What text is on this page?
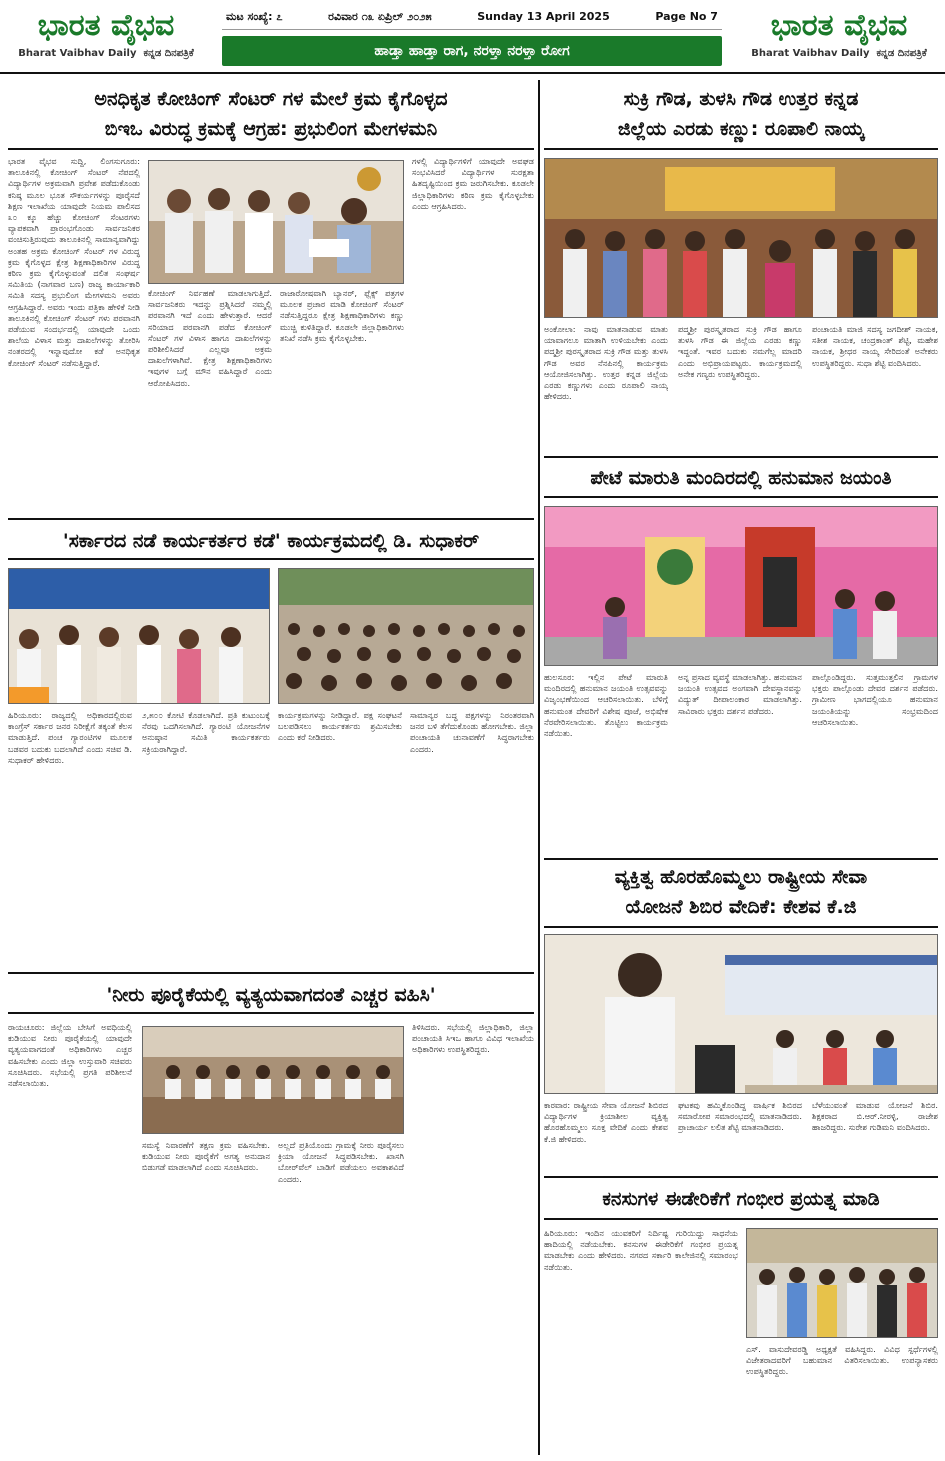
ಭಾರತ ವೈಭವ
Bharat Vaibhav Daily ಕನ್ನಡ ದಿನಪತ್ರಿಕೆ
ಮಟ ಸಂಖ್ಯೆ: ೭	ರವಿವಾರ ೧೩ ಏಪ್ರಿಲ್ ೨೦೨೫	Sunday 13 April 2025	Page No 7
ಹಾಡ್ತಾ ಹಾಡ್ತಾ ರಾಗ, ನರಳ್ತಾ ನರಳ್ತಾ ರೋಗ
ಭಾರತ ವೈಭವ
Bharat Vaibhav Daily ಕನ್ನಡ ದಿನಪತ್ರಿಕೆ
ಅನಧಿಕೃತ ಕೋಚಿಂಗ್ ಸೆಂಟರ್ ಗಳ ಮೇಲೆ ಕ್ರಮ ಕೈಗೊಳ್ಳದ
ಬಿಇಒ ವಿರುದ್ಧ ಕ್ರಮಕ್ಕೆ ಆಗ್ರಹ: ಪ್ರಭುಲಿಂಗ ಮೇಗಳಮನಿ
ಭಾರತ ವೈಭವ ಸುದ್ದಿ, ಲಿಂಗಸುಗೂರು: ತಾಲೂಕಿನಲ್ಲಿ ಕೋಚಿಂಗ್ ಸೆಂಟರ್ ನೆಪದಲ್ಲಿ ವಿದ್ಯಾರ್ಥಿಗಳ ಅಕ್ರಮವಾಗಿ ಪ್ರವೇಶ ಪಡೆದುಕೊಂಡು ಕನಿಷ್ಠ ಮೂಲ ಭೂತ ಸೌಕರ್ಯಗಳನ್ನು ಪೂರೈಸದೆ ಶಿಕ್ಷಣ ಇಲಾಖೆಯ ಯಾವುದೇ ನಿಯಮ ಪಾಲಿಸದ ೩೦ ಕ್ಕೂ ಹೆಚ್ಚು ಕೋಚಿಂಗ್ ಸೆಂಟರಗಳು ವ್ಯಾಪಕವಾಗಿ ಪ್ರಾರಂಭಗೊಂಡು ಸಾರ್ವಜನಿಕರ ವಂಚಿಸುತ್ತಿರುವುದು ತಾಲೂಕಿನಲ್ಲಿ ಸಾಮಾನ್ಯವಾಗಿದ್ದು ಅಂತಹ ಅಕ್ರಮ ಕೋಚಿಂಗ್ ಸೆಂಟರ್ ಗಳ ವಿರುದ್ಧ ಕ್ರಮ ಕೈಗೊಳ್ಳದ ಕ್ಷೇತ್ರ ಶಿಕ್ಷಣಾಧಿಕಾರಿಗಳ ವಿರುದ್ಧ ಕಠಿಣ ಕ್ರಮ ಕೈಗೊಳ್ಳುವಂತೆ ದಲಿತ ಸಂಘರ್ಷ ಸಮಿತಿಯ (ನಾಗವಾರ ಬಣ) ರಾಜ್ಯ ಕಾರ್ಯಾಕಾರಿ ಸಮಿತಿ ಸದಸ್ಯ ಪ್ರಭುಲಿಂಗ ಮೇಗಳಮನಿ ಅವರು ಆಗ್ರಹಿಸಿದ್ದಾರೆ. ಅವರು ಇಂದು ಪತ್ರಿಕಾ ಹೇಳಿಕೆ ನೀಡಿ ತಾಲೂಕಿನಲ್ಲಿ ಕೋಚಿಂಗ್ ಸೆಂಟರ್ ಗಳು ಪರವಾನಗಿ ಪಡೆಯುವ ಸಂದರ್ಭದಲ್ಲಿ ಯಾವುದೇ ಒಂದು ಶಾಲೆಯ ವಿಳಾಸ ಮತ್ತು ದಾಖಲೆಗಳನ್ನು ತೋರಿಸಿ ನಂತರದಲ್ಲಿ ಇನ್ನಾವುದೋ ಕಡೆ ಅನಧಿಕೃತ ಕೋಚಿಂಗ್ ಸೆಂಟರ್ ನಡೆಸುತ್ತಿದ್ದಾರೆ.
ಕೋಚಿಂಗ್ ನಿರ್ವಹಣೆ ಮಾಡಲಾಗುತ್ತಿದೆ. ಸಾರ್ವಜನಿಕರು ಇದನ್ನು ಪ್ರಶ್ನಿಸಿದರೆ ನಮ್ಮಲ್ಲಿ ಪರವಾನಗಿ ಇದೆ ಎಂದು ಹೇಳುತ್ತಾರೆ. ಆದರೆ ಸರಿಯಾದ ಪರವಾನಗಿ ಪಡೆದ ಕೋಚಿಂಗ್ ಸೆಂಟರ್ ಗಳ ವಿಳಾಸ ಹಾಗೂ ದಾಖಲೆಗಳನ್ನು ಪರಿಶೀಲಿಸಿದರೆ ಎಲ್ಲವೂ ಅಕ್ರಮ ದಾಖಲೆಗಳಾಗಿವೆ. ಕ್ಷೇತ್ರ ಶಿಕ್ಷಣಾಧಿಕಾರಿಗಳು ಇವುಗಳ ಬಗ್ಗೆ ಮೌನ ವಹಿಸಿದ್ದಾರೆ ಎಂದು ಆರೋಪಿಸಿದರು.
ರಾಜಾರೋಷವಾಗಿ ಬ್ಯಾನರ್, ಫ್ಲೆಕ್ಸ್ ಪತ್ರಗಳ ಮೂಲಕ ಪ್ರಚಾರ ಮಾಡಿ ಕೋಚಿಂಗ್ ಸೆಂಟರ್ ನಡೆಸುತ್ತಿದ್ದರೂ ಕ್ಷೇತ್ರ ಶಿಕ್ಷಣಾಧಿಕಾರಿಗಳು ಕಣ್ಣು ಮುಚ್ಚಿ ಕುಳಿತಿದ್ದಾರೆ. ಕೂಡಲೇ ಜಿಲ್ಲಾಧಿಕಾರಿಗಳು ತನಿಖೆ ನಡೆಸಿ ಕ್ರಮ ಕೈಗೊಳ್ಳಬೇಕು.
ಗಳಲ್ಲಿ ವಿದ್ಯಾರ್ಥಿಗಳಿಗೆ ಯಾವುದೇ ಅವಘಡ ಸಂಭವಿಸಿದರೆ ವಿದ್ಯಾರ್ಥಿಗಳ ಸುರಕ್ಷತಾ ಹಿತದೃಷ್ಟಿಯಿಂದ ಕ್ರಮ ಜರುಗಿಸಬೇಕು. ಕೂಡಲೇ ಜಿಲ್ಲಾಧಿಕಾರಿಗಳು ಕಠಿಣ ಕ್ರಮ ಕೈಗೊಳ್ಳಬೇಕು ಎಂದು ಆಗ್ರಹಿಸಿದರು.
'ಸರ್ಕಾರದ ನಡೆ ಕಾರ್ಯಕರ್ತರ ಕಡೆ' ಕಾರ್ಯಕ್ರಮದಲ್ಲಿ ಡಿ. ಸುಧಾಕರ್
ಹಿರಿಯೂರು: ರಾಜ್ಯದಲ್ಲಿ ಅಧಿಕಾರದಲ್ಲಿರುವ ಕಾಂಗ್ರೆಸ್ ಸರ್ಕಾರ ಜನರ ನಿರೀಕ್ಷೆಗೆ ತಕ್ಕಂತೆ ಕೆಲಸ ಮಾಡುತ್ತಿದೆ. ಪಂಚ ಗ್ಯಾರಂಟಿಗಳ ಮೂಲಕ ಬಡವರ ಬದುಕು ಬದಲಾಗಿದೆ ಎಂದು ಸಚಿವ ಡಿ. ಸುಧಾಕರ್ ಹೇಳಿದರು.
೨,೫೦೦ ಕೋಟಿ ಕೊಡಲಾಗಿದೆ. ಪ್ರತಿ ಕುಟುಂಬಕ್ಕೆ ನೆರವು ಒದಗಿಸಲಾಗಿದೆ. ಗ್ಯಾರಂಟಿ ಯೋಜನೆಗಳ ಅನುಷ್ಠಾನ ಸಮಿತಿ ಕಾರ್ಯಕರ್ತರು ಸಕ್ರಿಯರಾಗಿದ್ದಾರೆ.
ಕಾರ್ಯಕ್ರಮಗಳನ್ನು ನೀಡಿದ್ದಾರೆ. ಪಕ್ಷ ಸಂಘಟನೆ ಬಲಪಡಿಸಲು ಕಾರ್ಯಕರ್ತರು ಶ್ರಮಿಸಬೇಕು ಎಂದು ಕರೆ ನೀಡಿದರು.
ಸಾಮಾನ್ಯರ ಬದ್ಧ ಪಕ್ಷಗಳನ್ನು ನಿರಂತರವಾಗಿ ಜನರ ಬಳಿ ತೆಗೆದುಕೊಂಡು ಹೋಗಬೇಕು. ಜಿಲ್ಲಾ ಪಂಚಾಯತಿ ಚುನಾವಣೆಗೆ ಸಿದ್ಧರಾಗಬೇಕು ಎಂದರು.
'ನೀರು ಪೂರೈಕೆಯಲ್ಲಿ ವ್ಯತ್ಯಯವಾಗದಂತೆ ಎಚ್ಚರ ವಹಿಸಿ'
ರಾಯಚೂರು: ಜಿಲ್ಲೆಯ ಬೇಸಿಗೆ ಅವಧಿಯಲ್ಲಿ ಕುಡಿಯುವ ನೀರು ಪೂರೈಕೆಯಲ್ಲಿ ಯಾವುದೇ ವ್ಯತ್ಯಯವಾಗದಂತೆ ಅಧಿಕಾರಿಗಳು ಎಚ್ಚರ ವಹಿಸಬೇಕು ಎಂದು ಜಿಲ್ಲಾ ಉಸ್ತುವಾರಿ ಸಚಿವರು ಸೂಚಿಸಿದರು. ಸಭೆಯಲ್ಲಿ ಪ್ರಗತಿ ಪರಿಶೀಲನೆ ನಡೆಸಲಾಯಿತು.
ಸಮಸ್ಯೆ ನಿವಾರಣೆಗೆ ತಕ್ಷಣ ಕ್ರಮ ವಹಿಸಬೇಕು. ಕುಡಿಯುವ ನೀರು ಪೂರೈಕೆಗೆ ಅಗತ್ಯ ಅನುದಾನ ಬಿಡುಗಡೆ ಮಾಡಲಾಗಿದೆ ಎಂದು ಸೂಚಿಸಿದರು.
ಅಲ್ಲದೆ ಪ್ರತಿಯೊಂದು ಗ್ರಾಮಕ್ಕೆ ನೀರು ಪೂರೈಸಲು ಕ್ರಿಯಾ ಯೋಜನೆ ಸಿದ್ಧಪಡಿಸಬೇಕು. ಖಾಸಗಿ ಬೋರ್‌ವೆಲ್ ಬಾಡಿಗೆ ಪಡೆಯಲು ಅವಕಾಶವಿದೆ ಎಂದರು.
ತಿಳಿಸಿದರು. ಸಭೆಯಲ್ಲಿ ಜಿಲ್ಲಾಧಿಕಾರಿ, ಜಿಲ್ಲಾ ಪಂಚಾಯತಿ ಸಿಇಒ ಹಾಗೂ ವಿವಿಧ ಇಲಾಖೆಯ ಅಧಿಕಾರಿಗಳು ಉಪಸ್ಥಿತರಿದ್ದರು.
ಸುಕ್ರಿ ಗೌಡ, ತುಳಸಿ ಗೌಡ ಉತ್ತರ ಕನ್ನಡ
ಜಿಲ್ಲೆಯ ಎರಡು ಕಣ್ಣು: ರೂಪಾಲಿ ನಾಯ್ಕ
ಅಂಕೋಲಾ: ನಾವು ಮಾತನಾಡುವ ಮಾತು ಯಾವಾಗಲೂ ಮಾತಾಗಿ ಉಳಿಯಬೇಕು ಎಂದು ಪದ್ಮಶ್ರೀ ಪುರಸ್ಕೃತರಾದ ಸುಕ್ರಿ ಗೌಡ ಮತ್ತು ತುಳಸಿ ಗೌಡ ಅವರ ನೆನಪಿನಲ್ಲಿ ಕಾರ್ಯಕ್ರಮ ಆಯೋಜಿಸಲಾಗಿತ್ತು. ಉತ್ತರ ಕನ್ನಡ ಜಿಲ್ಲೆಯ ಎರಡು ಕಣ್ಣುಗಳು ಎಂದು ರೂಪಾಲಿ ನಾಯ್ಕ ಹೇಳಿದರು.
ಪದ್ಮಶ್ರೀ ಪುರಸ್ಕೃತರಾದ ಸುಕ್ರಿ ಗೌಡ ಹಾಗೂ ತುಳಸಿ ಗೌಡ ಈ ಜಿಲ್ಲೆಯ ಎರಡು ಕಣ್ಣು ಇದ್ದಂತೆ. ಇವರ ಬದುಕು ನಮಗೆಲ್ಲ ಮಾದರಿ ಎಂದು ಅಭಿಪ್ರಾಯಪಟ್ಟರು. ಕಾರ್ಯಕ್ರಮದಲ್ಲಿ ಅನೇಕ ಗಣ್ಯರು ಉಪಸ್ಥಿತರಿದ್ದರು.
ಪಂಚಾಯತಿ ಮಾಜಿ ಸದಸ್ಯ ಜಗದೀಶ್ ನಾಯಕ, ಸತೀಶ ನಾಯಕ, ಚಂದ್ರಕಾಂತ್ ಶೆಟ್ಟಿ, ಮಹೇಶ ನಾಯಕ, ಶ್ರೀಧರ ನಾಯ್ಕ ಸೇರಿದಂತೆ ಅನೇಕರು ಉಪಸ್ಥಿತರಿದ್ದರು. ಸುಧಾ ಶೆಟ್ಟಿ ವಂದಿಸಿದರು.
ಪೇಟೆ ಮಾರುತಿ ಮಂದಿರದಲ್ಲಿ ಹನುಮಾನ ಜಯಂತಿ
ಹುಲಸೂರ: ಇಲ್ಲಿನ ಪೇಟೆ ಮಾರುತಿ ಮಂದಿರದಲ್ಲಿ ಹನುಮಾನ ಜಯಂತಿ ಉತ್ಸವವನ್ನು ವಿಜೃಂಭಣೆಯಿಂದ ಆಚರಿಸಲಾಯಿತು. ಬೆಳಿಗ್ಗೆ ಹನುಮಂತ ದೇವರಿಗೆ ವಿಶೇಷ ಪೂಜೆ, ಅಭಿಷೇಕ ನೆರವೇರಿಸಲಾಯಿತು. ತೊಟ್ಟಿಲು ಕಾರ್ಯಕ್ರಮ ನಡೆಯಿತು.
ಅನ್ನ ಪ್ರಸಾದ ವ್ಯವಸ್ಥೆ ಮಾಡಲಾಗಿತ್ತು. ಹನುಮಾನ ಜಯಂತಿ ಉತ್ಸವದ ಅಂಗವಾಗಿ ದೇವಸ್ಥಾನವನ್ನು ವಿದ್ಯುತ್ ದೀಪಾಲಂಕಾರ ಮಾಡಲಾಗಿತ್ತು. ಸಾವಿರಾರು ಭಕ್ತರು ದರ್ಶನ ಪಡೆದರು.
ಪಾಲ್ಗೊಂಡಿದ್ದರು. ಸುತ್ತಮುತ್ತಲಿನ ಗ್ರಾಮಗಳ ಭಕ್ತರು ಪಾಲ್ಗೊಂಡು ದೇವರ ದರ್ಶನ ಪಡೆದರು. ಗ್ರಾಮೀಣ ಭಾಗದಲ್ಲಿಯೂ ಹನುಮಾನ ಜಯಂತಿಯನ್ನು ಸಂಭ್ರಮದಿಂದ ಆಚರಿಸಲಾಯಿತು.
ವ್ಯಕ್ತಿತ್ವ ಹೊರಹೊಮ್ಮಲು ರಾಷ್ಟ್ರೀಯ ಸೇವಾ
ಯೋಜನೆ ಶಿಬಿರ ವೇದಿಕೆ: ಕೇಶವ ಕೆ.ಜಿ
ಕಾರವಾರ: ರಾಷ್ಟ್ರೀಯ ಸೇವಾ ಯೋಜನೆ ಶಿಬಿರದ ವಿದ್ಯಾರ್ಥಿಗಳ ಕ್ರಿಯಾಶೀಲ ವ್ಯಕ್ತಿತ್ವ ಹೊರಹೊಮ್ಮಲು ಸೂಕ್ತ ವೇದಿಕೆ ಎಂದು ಕೇಶವ ಕೆ.ಜಿ ಹೇಳಿದರು.
ಘಟಕವು ಹಮ್ಮಿಕೊಂಡಿದ್ದ ವಾರ್ಷಿಕ ಶಿಬಿರದ ಸಮಾರೋಪ ಸಮಾರಂಭದಲ್ಲಿ ಮಾತನಾಡಿದರು. ಪ್ರಾಚಾರ್ಯ ಲಲಿತ ಶೆಟ್ಟಿ ಮಾತನಾಡಿದರು.
ಬೆಳೆಯುವಂತೆ ಮಾಡುವ ಯೋಜನೆ ಶಿಬಿರ. ಶಿಕ್ಷಕರಾದ ಬಿ.ಆರ್.ನೀರಳ್ಳಿ, ರಾಜೇಶ ಹಾಜರಿದ್ದರು. ಸುರೇಶ ಗುಡಿಮನಿ ವಂದಿಸಿದರು.
ಕನಸುಗಳ ಈಡೇರಿಕೆಗೆ ಗಂಭೀರ ಪ್ರಯತ್ನ ಮಾಡಿ
ಹಿರಿಯೂರು: ಇಂದಿನ ಯುವಕರಿಗೆ ನಿರ್ದಿಷ್ಟ ಗುರಿಯಿದ್ದು ಸಾಧನೆಯ ಹಾದಿಯಲ್ಲಿ ನಡೆಯಬೇಕು. ಕನಸುಗಳ ಈಡೇರಿಕೆಗೆ ಗಂಭೀರ ಪ್ರಯತ್ನ ಮಾಡಬೇಕು ಎಂದು ಹೇಳಿದರು. ನಗರದ ಸರ್ಕಾರಿ ಕಾಲೇಜಿನಲ್ಲಿ ಸಮಾರಂಭ ನಡೆಯಿತು.
ಎಸ್. ವಾಸುದೇವರಡ್ಡಿ ಅಧ್ಯಕ್ಷತೆ ವಹಿಸಿದ್ದರು. ವಿವಿಧ ಸ್ಪರ್ಧೆಗಳಲ್ಲಿ ವಿಜೇತರಾದವರಿಗೆ ಬಹುಮಾನ ವಿತರಿಸಲಾಯಿತು. ಉಪನ್ಯಾಸಕರು ಉಪಸ್ಥಿತರಿದ್ದರು.
